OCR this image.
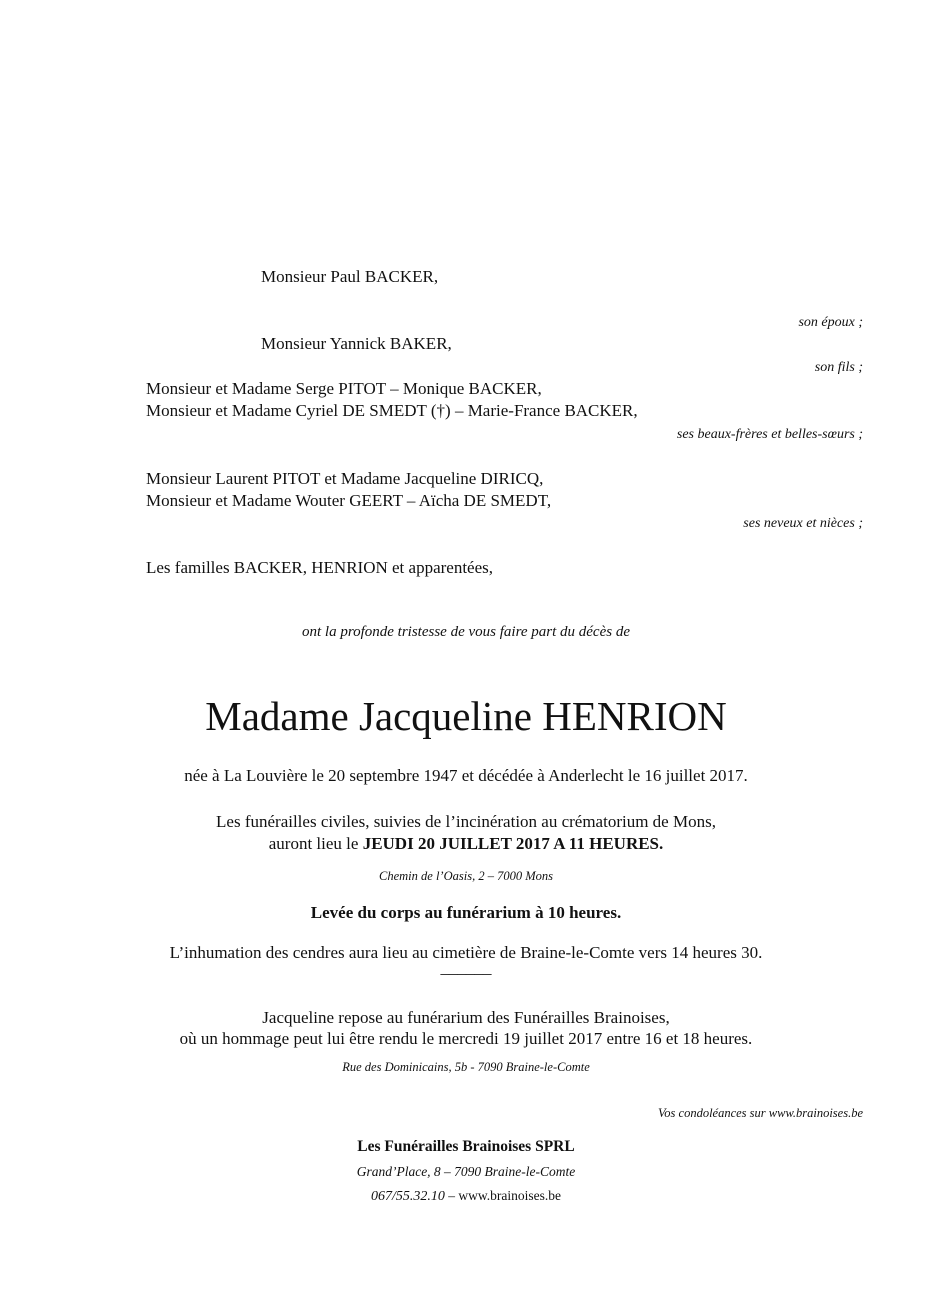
Monsieur Paul BACKER,
son époux ;
Monsieur Yannick BAKER,
son fils ;
Monsieur et Madame Serge PITOT – Monique BACKER,
Monsieur et Madame Cyriel DE SMEDT (†) – Marie-France BACKER,
ses beaux-frères et belles-sœurs ;
Monsieur Laurent PITOT et Madame Jacqueline DIRICQ,
Monsieur et Madame Wouter GEERT – Aïcha DE SMEDT,
ses neveux et nièces ;
Les familles BACKER, HENRION et apparentées,
ont la profonde tristesse de vous faire part du décès de
Madame Jacqueline HENRION
née à La Louvière le 20 septembre 1947 et décédée à Anderlecht le 16 juillet 2017.
Les funérailles civiles, suivies de l’incinération au crématorium de Mons,
auront lieu le JEUDI 20 JUILLET 2017 A 11 HEURES.
Chemin de l’Oasis, 2 – 7000 Mons
Levée du corps au funérarium à 10 heures.
L’inhumation des cendres aura lieu au cimetière de Braine-le-Comte vers 14 heures 30.
______
Jacqueline repose au funérarium des Funérailles Brainoises,
où un hommage peut lui être rendu le mercredi 19 juillet 2017 entre 16 et 18 heures.
Rue des Dominicains, 5b - 7090 Braine-le-Comte
Vos condoléances sur www.brainoises.be
Les Funérailles Brainoises SPRL
Grand’Place, 8 – 7090 Braine-le-Comte
067/55.32.10 – www.brainoises.be
